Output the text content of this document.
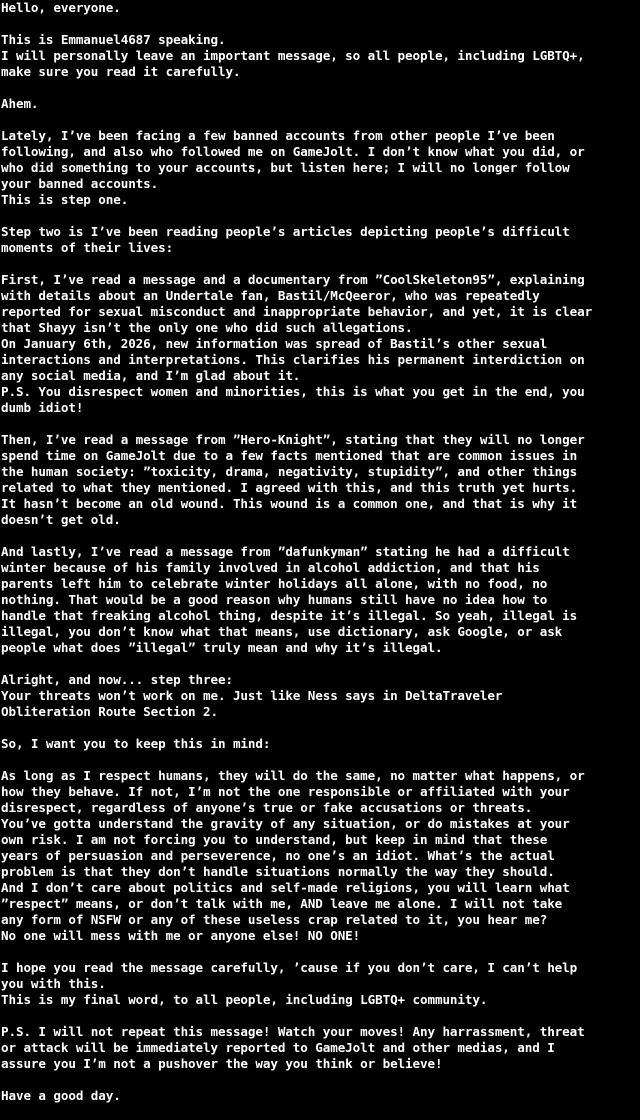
Hello, everyone.
This is Emmanuel4687 speaking.
I will personally leave an important message, so all people, including LGBTQ+,
make sure you read it carefully.
Ahem.
Lately, I’ve been facing a few banned accounts from other people I’ve been
following, and also who followed me on GameJolt. I don’t know what you did, or
who did something to your accounts, but listen here; I will no longer follow
your banned accounts.
This is step one.
Step two is I’ve been reading people’s articles depicting people’s difficult
moments of their lives:
First, I’ve read a message and a documentary from ”CoolSkeleton95”, explaining
with details about an Undertale fan, Bastil/McQeeror, who was repeatedly
reported for sexual misconduct and inappropriate behavior, and yet, it is clear
that Shayy isn’t the only one who did such allegations.
On January 6th, 2026, new information was spread of Bastil’s other sexual
interactions and interpretations. This clarifies his permanent interdiction on
any social media, and I’m glad about it.
P.S. You disrespect women and minorities, this is what you get in the end, you
dumb idiot!
Then, I’ve read a message from ”Hero-Knight”, stating that they will no longer
spend time on GameJolt due to a few facts mentioned that are common issues in
the human society: ”toxicity, drama, negativity, stupidity”, and other things
related to what they mentioned. I agreed with this, and this truth yet hurts.
It hasn’t become an old wound. This wound is a common one, and that is why it
doesn’t get old.
And lastly, I’ve read a message from ”dafunkyman” stating he had a difficult
winter because of his family involved in alcohol addiction, and that his
parents left him to celebrate winter holidays all alone, with no food, no
nothing. That would be a good reason why humans still have no idea how to
handle that freaking alcohol thing, despite it’s illegal. So yeah, illegal is
illegal, you don’t know what that means, use dictionary, ask Google, or ask
people what does ”illegal” truly mean and why it’s illegal.
Alright, and now... step three:
Your threats won’t work on me. Just like Ness says in DeltaTraveler
Obliteration Route Section 2.
So, I want you to keep this in mind:
As long as I respect humans, they will do the same, no matter what happens, or
how they behave. If not, I’m not the one responsible or affiliated with your
disrespect, regardless of anyone’s true or fake accusations or threats.
You’ve gotta understand the gravity of any situation, or do mistakes at your
own risk. I am not forcing you to understand, but keep in mind that these
years of persuasion and perseverence, no one’s an idiot. What’s the actual
problem is that they don’t handle situations normally the way they should.
And I don’t care about politics and self-made religions, you will learn what
”respect” means, or don’t talk with me, AND leave me alone. I will not take
any form of NSFW or any of these useless crap related to it, you hear me?
No one will mess with me or anyone else! NO ONE!
I hope you read the message carefully, ’cause if you don’t care, I can’t help
you with this.
This is my final word, to all people, including LGBTQ+ community.
P.S. I will not repeat this message! Watch your moves! Any harrassment, threat
or attack will be immediately reported to GameJolt and other medias, and I
assure you I’m not a pushover the way you think or believe!
Have a good day.
